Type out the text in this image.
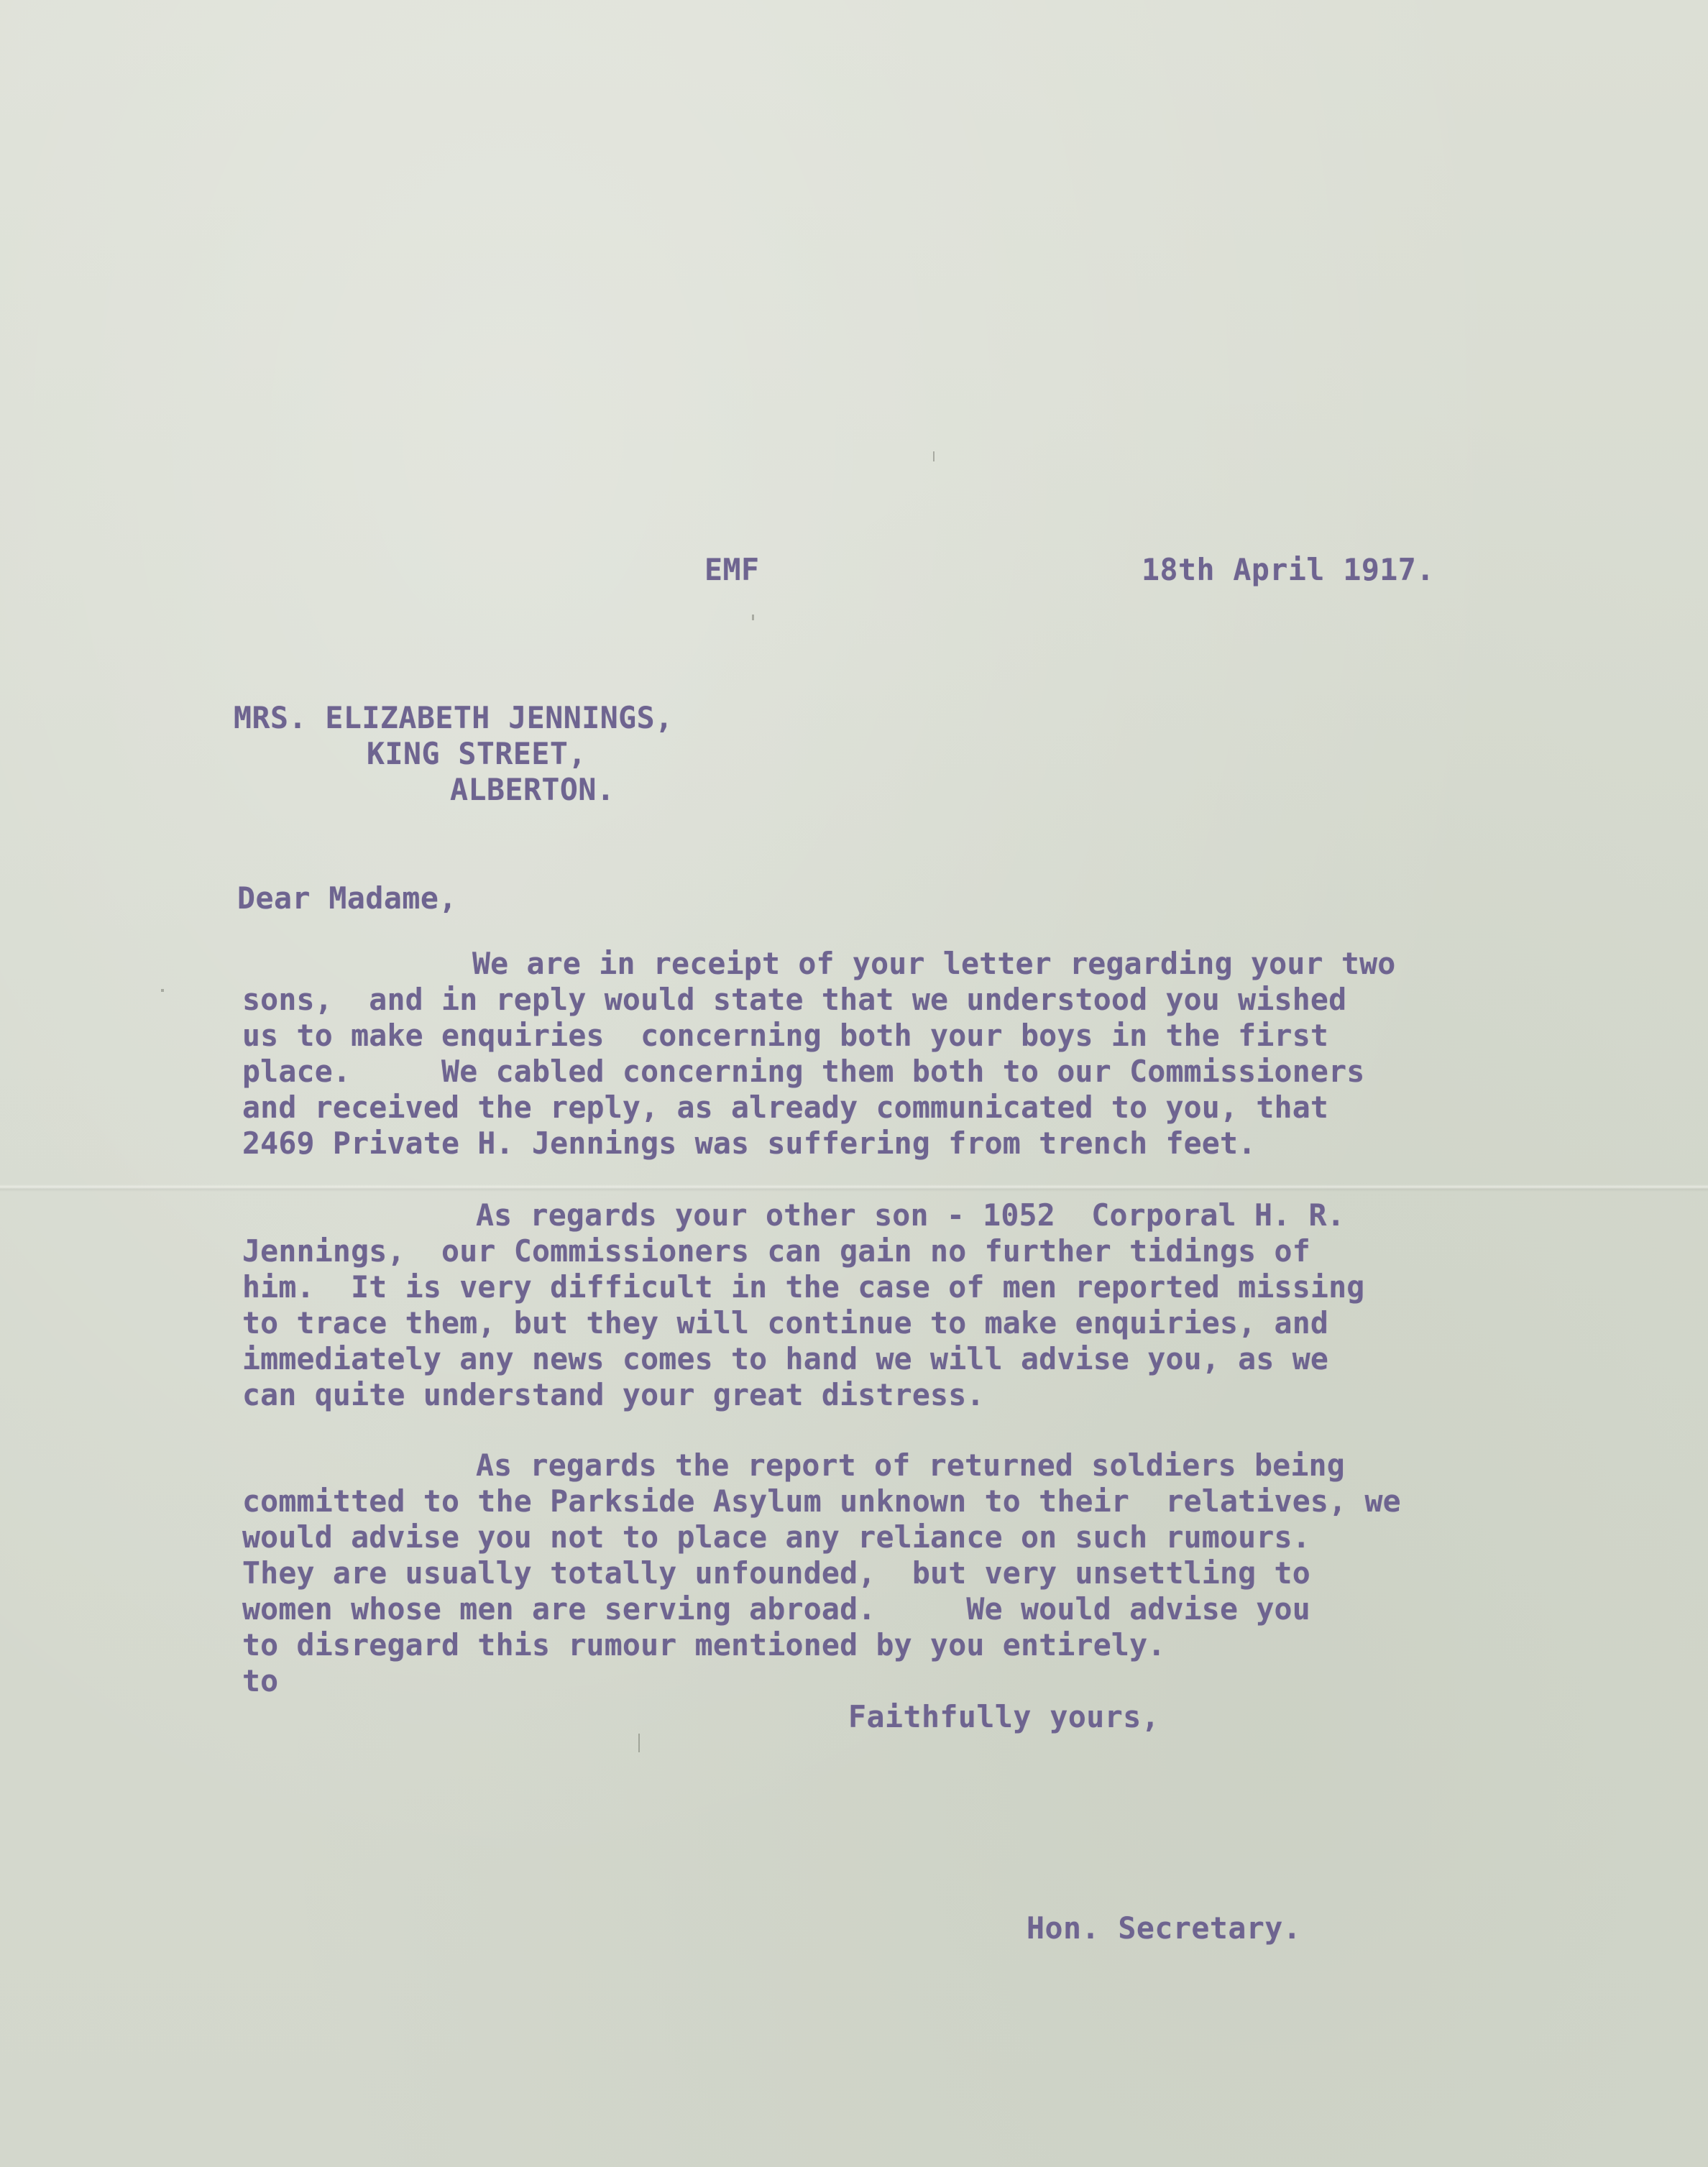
EMF	18th April 1917.

MRS. ELIZABETH JENNINGS,

KING STREET,

ALBERTON.

Dear Madame,

We are in receipt of your letter regarding your two

sons,  and in reply would state that we understood you wished

us to make enquiries  concerning both your boys in the first

place.     We cabled concerning them both to our Commissioners

and received the reply, as already communicated to you, that

2469 Private H. Jennings was suffering from trench feet.

As regards your other son - 1052  Corporal H. R.

Jennings,  our Commissioners can gain no further tidings of

him.  It is very difficult in the case of men reported missing

to trace them, but they will continue to make enquiries, and

immediately any news comes to hand we will advise you, as we

can quite understand your great distress.

As regards the report of returned soldiers being

committed to the Parkside Asylum unknown to their  relatives, we

would advise you not to place any reliance on such rumours.

They are usually totally unfounded,  but very unsettling to

women whose men are serving abroad.     We would advise you

to disregard this rumour mentioned by you entirely.

to

Faithfully yours,

Hon. Secretary.
